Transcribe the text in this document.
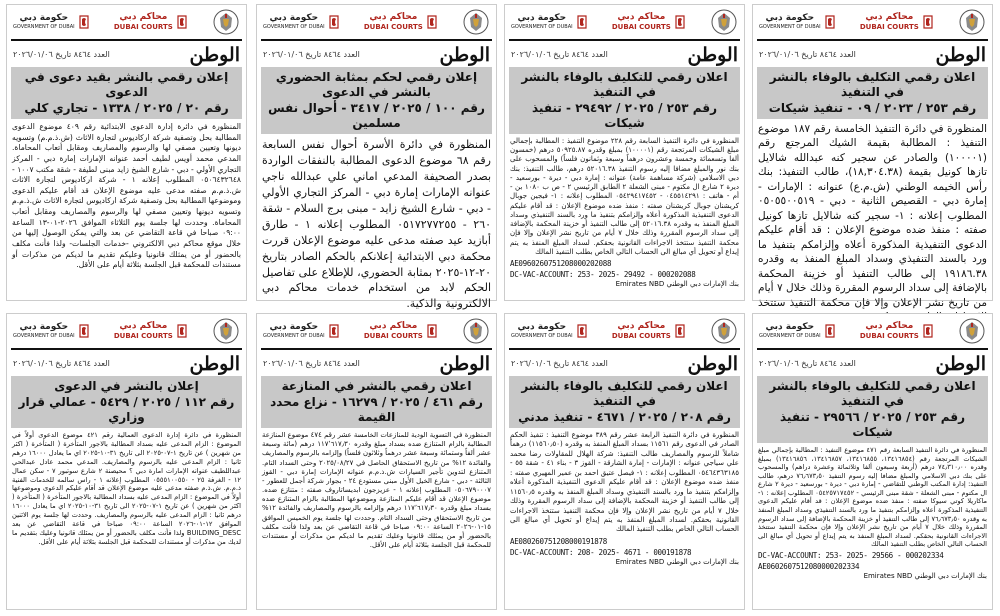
محاكم دبي
DUBAI COURTS
حكومة دبي
GOVERNMENT OF DUBAI
الوطن
العدد ٨٤٦٤ تاريخ ٢٠٢٦/٠١/٠٦
اعلان رقمي التكليف بالوفاء بالنشر في التنفيذ
رقم ٢٥٣ / ٢٠٢٣ / ٠٩ - تنفيذ شيكات
المنظورة في دائرة التنفيذ الخامسة رقم ١٨٧ موضوع التنفيذ : المطالبة بقيمة الشيك المرجتع رقم (١٠٠٠٠١) والصادر عن سجير كنه عبدالله شالايل تازها كونيل بقيمة (١٨,٣٠٤.٣٨)، طالب التنفيذ: بنك رأس الخيمه الوطني (ش.م.ع) عنوانه : الإمارات - إمارة دبي - القصيص الثانية - دبي - ٠٥٠٥٥٠٠٥١٩ المطلوب إعلانه : ١- سجير كنه شالايل تازها كونيل صفته : منفذ ضده موضوع الإعلان : قد أقام عليكم الدعوى التنفيذية المذكورة أعلاه وإلزامكم بتنفيذ ما ورد بالسند التنفيذي وسداد المبلغ المنفذ به وقدره ١٩١٨٦.٣٨ إلى طالب التنفيذ أو خزينة المحكمة بالإضافة إلى سداد الرسوم المقررة وذلك خلال ٧ أيام من تاريخ نشر الإعلان وإلا فإن محكمة التنفيذ ستتخذ
محاكم دبي
DUBAI COURTS
حكومة دبي
GOVERNMENT OF DUBAI
الوطن
العدد ٨٤٦٤ تاريخ ٢٠٢٦/٠١/٠٦
اعلان رقمي للتكليف بالوفاء بالنشر في التنفيذ
رقم ٢٥٣ / ٢٠٢٥ / ٢٩٤٩٢ - تنفيذ شيكات
المنظورة في دائرة التنفيذ السابعة رقم ٢٢٨ موضوع التنفيذ : المطالبة بإجمالي مبلغ الشيكات المرتجعة رقم (١٠٠٠٠١) بمبلغ وقدره ٥٠٩٢٥.٨٧ درهم (خمسون ألفا وتسعمائة وخمسة وعشرون درهماً وسبعة وثمانون فلساً) والمسحوب على بنك نور والمبلغ مضافا إليه رسوم التنفيذ ٥٢٠١٦.٣٨ درهم، طالب التنفيذ: بنك دبي الاسلامي (شركة مساهمة عامة) عنوانه : إمارة دبي - ديرة - بورسعيد - ديرة ٢ شارع ال مكتوم - مبنى الشعلة ٢ الطابق الرئيسي ٢ - ص ب ١٠٨٠ بن - أم - هاتف : ٠٤٥٥١٤٢٩١ - ٠٥٤٢٩٤١٧٤٥٢ المطلوب إعلانه : ١- فيجين جوبال كريشنان جوبال كريشنان صفته : منفذ ضده موضوع الإعلان : قد أقام عليكم الدعوى التنفيذية المذكورة أعلاه وإلزامكم بتنفيذ ما ورد بالسند التنفيذي وسداد المبلغ المنفذ به وقدره ٥٢٠١٦.٣٨ إلى طالب التنفيذ أو خزينة المحكمة بالإضافة إلى سداد الرسوم المقررة وذلك خلال ٧ أيام من تاريخ نشر الإعلان وإلا فإن محكمة التنفيذ ستتخذ الاجراءات القانونية بحقكم. لسداد المبلغ المنفذ به يتم إيداع أو تحويل أي مبالغ الى الحساب التالي الخاص بطلب التنفيذ المالك
AE0960260751208000202088
DC-VAC-ACCOUNT: 253- 2025- 29492 - 000202088
بنك الإمارات دبي الوطني Emirates NBD
محاكم دبي
DUBAI COURTS
حكومة دبي
GOVERNMENT OF DUBAI
الوطن
العدد ٨٤٦٤ تاريخ ٢٠٢٦/٠١/٠٦
إعلان رقمي لحكم بمثابة الحضوري بالنشر في الدعوى
رقم ١٠٠ / ٢٠٢٥ / ٣٤١٧ - أحوال نفس مسلمين
المنظورة في دائرة الأسرة أحوال نفس السابعة رقم ٦٨ موضوع الدعوى المطالبة بالنفقات الواردة بصدر الصحيفة المدعي اماني علي عبدالله ناجي عنوانه الإمارات إمارة دبي - المركز التجاري الأولي - دبي - شارع الشيخ زايد - مبنى برج السلام - شقة ٢٦٠ - ٠٥١٧٢٧٧٢٥٥ المطلوب إعلانه ١ - طارق أبازيد عيد صفته مدعى عليه موضوع الإعلان قررت محكمة دبي الابتدائية إعلانكم بالحكم الصادر بتاريخ ٢٠-١٢-٢٠٢٥ بمثابة الحضوري، للإطلاع على تفاصيل الحكم لابد من استخدام خدمات محاكم دبي الالكترونية والذكية.
محاكم دبي
DUBAI COURTS
حكومة دبي
GOVERNMENT OF DUBAI
الوطن
العدد ٨٤٦٤ تاريخ ٢٠٢٦/٠١/٠٦
إعلان رقمي بالنشر بقيد دعوى في الدعوى
رقم ٢٠ / ٢٠٢٥ / ١٣٣٨ - تجاري كلي
المنظورة في دائرة إدارة الدعوى الابتدائية رقم ٤٠٩ موضوع الدعوى المطالبة بحل وتصفية شركة اركاديوس لتجارة الاثاث (ش.ذ.م.م) وتسويه ديونها وتعيين مصفي لها والرسوم والمصاريف ومقابل أتعاب المحاماة. المدعي محمد أويس لطيف أحمد عنوانه الإمارات إمارة دبي - المركز التجاري الأولي - دبي - شارع الشيخ زايد مبنى لطيفة - شقة مكتب ١٠٠٧ - ٠٥٠٦٤٣٢٦٤٨ المطلوب إعلانه ١ - شركة اركاديوس لتجارة الاثاث ش.ذ.م.م صفته مدعى عليه موضوع الإعلان قد أقام عليكم الدعوى وموضوعها المطالبة بحل وتصفية شركة اركاديوس لتجارة الاثاث ش.ذ.م.م وتسويه ديونها وتعيين مصفي لها والرسوم والمصاريف ومقابل أتعاب المحاماة. وحددت لها جلسة يوم الثلاثاء الموافق ٢٠٢٦-٠١-١٣ الساعة ٠٩:٠٠ صباحا في قاعة التقاضي عن بعد والتي يمكن الوصول إليها من خلال موقع محاكم دبي الالكتروني -خدمات الجلسات- ولذا فأنت مكلف بالحضور أو من يمثلك قانونيا وعليكم تقديم ما لديكم من مذكرات أو مستندات للمحكمة قبل الجلسة بثلاثة أيام على الأقل.
محاكم دبي
DUBAI COURTS
حكومة دبي
GOVERNMENT OF DUBAI
الوطن
العدد ٨٤٦٤ تاريخ ٢٠٢٦/٠١/٠٦
اعلان رقمي للتكليف بالوفاء بالنشر في التنفيذ
رقم ٢٥٣ / ٢٠٢٥ / ٢٩٥٦٦ - تنفيذ شيكات
المنظورة في دائرة التنفيذ السابعة رقم ٤٧١ موضوع التنفيذ : المطالبة بإجمالي مبلغ الشيكات المرتجعة رقم (١٣٤١٦٨٥٤، ١٣٤١٦٨٥٥، ١٣٤١٦٨٥٧، ١٣٤١٦٨٥٦) بمبلغ وقدره ٧٤٫٣١٠٫٠٠ درهم (أربعة وسبعون ألفا وثلاثمائة وعشرة دراهم) والمسحوب على بنك دبي الاسلامي والمبلغ مضافا إليه رسوم التنفيذ ٧٦٫٦٧٣٫٥٠ درهم، طالب التنفيذ: إدارة المكتب الوطني للتقاضي - إمارة دبي - ديرة - بورسعيد - ديرة ٢ شارع ال مكتوم - مبنى الشعلة - شقة مبنى الرئيسي - ٠٥٤٢٥٧١٧٤٥٢ المطلوب إعلانه : ١- ماكاريلا كوتي سيوكا صفته : منفذ ضده موضوع الإعلان : قد أقام عليكم الدعوى التنفيذية المذكورة أعلاه وإلزامكم بتنفيذ ما ورد بالسند التنفيذي وسداد المبلغ المنفذ به وقدره ٧٦٫٦٧٣٫٥٠ إلى طالب التنفيذ أو خزينة المحكمة بالإضافة إلى سداد الرسوم المقررة وذلك خلال ٧ أيام من تاريخ نشر الإعلان وإلا فإن محكمة التنفيذ ستتخذ الاجراءات القانونية بحقكم. لسداد المبلغ المنفذ به يتم إيداع أو تحويل أي مبالغ الى الحساب التالي الخاص بطلب التنفيذ المالك
DC-VAC-ACCOUNT: 253- 2025- 29566 - 000202334
AE0602607512080000202334
بنك الإمارات دبي الوطني Emirates NBD
محاكم دبي
DUBAI COURTS
حكومة دبي
GOVERNMENT OF DUBAI
الوطن
العدد ٨٤٦٤ تاريخ ٢٠٢٦/٠١/٠٦
اعلان رقمي للتكليف بالوفاء بالنشر في التنفيذ
رقم ٢٠٨ / ٢٠٢٥ / ٤٦٧١ - تنفيذ مدني
المنظورة في دائرة التنفيذ الرابعة عشر رقم ٣٨٩ موضوع التنفيذ : تنفيذ الحكم الصادر في الدعوى رقم ١١٥٦١ بسداد المبلغ المنفذ به وقدره (١١٥٦٠٫٥٠) درهماً شاملاً للرسوم والمصاريف طالب التنفيذ: شركة الهلال للمقاولات رضا محمد علي سياجي عنوانه : الإمارات - إمارة الشارقة - القوز ٣ - بناء ٤١ - شقة ٥٥ - ٠٥٤٦٤٣٦٣١٨٥ المطلوب إعلانه : ١- فيصل عتيق احمد بن عمير المهيري صفته : منفذ ضده موضوع الإعلان : قد أقام عليكم الدعوى التنفيذية المذكورة أعلاه وإلزامكم بتنفيذ ما ورد بالسند التنفيذي وسداد المبلغ المنفذ به وقدره ١١٥٦٠٫٥ إلى طالب التنفيذ أو خزينة المحكمة بالإضافة إلى سداد الرسوم المقررة وذلك خلال ٧ أيام من تاريخ نشر الإعلان وإلا فإن محكمة التنفيذ ستتخذ الاجراءات القانونية بحقكم. لسداد المبلغ المنفذ به يتم إيداع أو تحويل أي مبالغ الى الحساب التالي الخاص بطلب التنفيذ المالك
AE080260751208000191878
DC-VAC-ACCOUNT: 208- 2025- 4671 - 000191878
بنك الإمارات دبي الوطني Emirates NBD
محاكم دبي
DUBAI COURTS
حكومة دبي
GOVERNMENT OF DUBAI
الوطن
العدد ٨٤٦٤ تاريخ ٢٠٢٦/٠١/٠٦
اعلان رقمي بالنشر في المنازعة
رقم ٤٦١ / ٢٠٢٥ / ١٦٢٧٩ - نزاع محدد القيمة
المنظورة في التسوية الودية للمنازعات الخامسة عشر رقم ٤٧٤ موضوع المنازعة المطالبة بالزام المتنازع ضده بسداد مبلغ وقدره ١١٧٬٦١٧٫٣٠ درهم (مائة وسبعة عشر ألفاً وستمائة وسبعة عشر درهماً وثلاثون فلساً) وإلزامه بالرسوم والمصاريف والفائدة ١٢% من تاريخ الاستحقاق الحاصل في ٢٠٢٥/٠٨/٢٧ وحتى السداد التام. المتنازع لتدوين تأجير السيارات ش.ذ.م.م عنوانه الإمارات إمارة دبي - القوز الثالثة - دبي - شارع الخيل الأول مبنى مستودع ٢٤ - بجوار شركة أجمل للعطور - ٠٥٠٦٧٩٠٠٠٧ المطلوب إعلانه ١ - عزيزجون ابديساتاروف صفته : متنازع ضده. موضوع الإعلان قد أقام عليكم المنازعة وموضوعها المطالبة بالزام المتنازع ضده بسداد مبلغ وقدره ١١٧٬٦١٧٫٣٠ درهم وإلزامه بالرسوم والمصاريف والفائدة ١٢% من تاريخ الاستحقاق وحتى السداد التام. وحددت لها جلسة يوم الخميس الموافق ١٥-٠١-٢٠٢٦ الساعة ٠٩:٠٠ صباحا في قاعة التقاضي عن بعد ولذا فأنت مكلف بالحضور أو من يمثلك قانونيا وعليك تقديم ما لديكم من مذكرات أو مستندات للمحكمة قبل الجلسة بثلاثة أيام على الأقل.
محاكم دبي
DUBAI COURTS
حكومة دبي
GOVERNMENT OF DUBAI
الوطن
العدد ٨٤٦٤ تاريخ ٢٠٢٦/٠١/٠٦
إعلان بالنشر في الدعوى
رقم ١١٢ / ٢٠٢٥ / ٥٤٢٩ - عمالي قرار وزاري
المنظورة في دائرة إدارة الدعوى العمالية رقم ٤٢١ موضوع الدعوى أولاً في الموضوع : الزام المدعى عليه بسداد المطالبة بالاجور المتأخرة ( المتأخرة ( اكثر من شهرين ) عن تاريخ ١-٠٧-٢٠٢٥ الى تاريخ ٣١-١٠-٢٠٢٥ اي ما يعادل ١٦٠٠٠ درهم ثانيا : الزام المدعى عليه بالرسوم والمصاريف. المدعي محمد عادل عبدالحي عبداللطيف عنوانه الإمارات امارة دبي ؟ محيصنة ٢ شارع سوتبور ٧ - سكن عمال ١٢ - الغرفة ٢٥ - ٠٥٥٥١٠٠٥٥٠ المطلوب إعلانه ١ - راس سالمه للخدمات الفنية ذ.م.م. ش.ذ.م صفته مدعى عليه موضوع الإعلان قد أقام عليكم الدعوى وموضوعها أولاً في الموضوع : الزام المدعى عليه بسداد المطالبة بالاجور المتأخرة ( المتأخرة ( اكثر من شهرين ) عن تاريخ ١-٠٧-٢٠٢٥ الى تاريخ ٣١-١٠-٢٠٢٥ اي ما يعادل ١٦٠٠٠ درهم ثانيا : الزام المدعى عليه بالرسوم والمصاريف. وحددت لها جلسة يوم الاثنين الموافق ١٢-٠١-٢٠٢٦ الساعة ٠٩:٠٠ صباحا في قاعة التقاضي عن بعد BUILDING_DESC ولذا فأنت مكلف بالحضور أو من يمثلك قانونيا وعليك بتقديم ما لديك من مذكرات أو مستندات للمحكمة قبل الجلسة بثلاثة أيام على الأقل.
